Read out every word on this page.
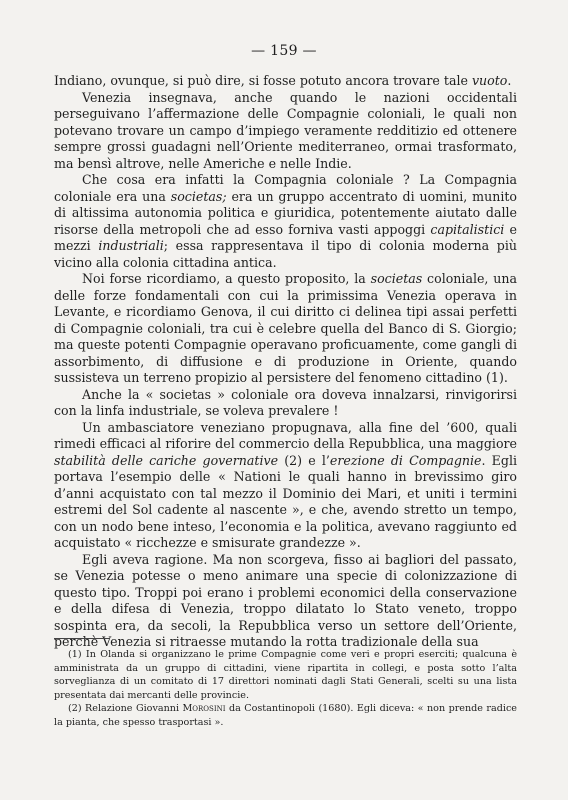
— 159 —

Indiano, ovunque, si può dire, si fosse potuto ancora trovare tale vuoto.

Venezia insegnava, anche quando le nazioni occidentali perseguivano l’affermazione delle Compagnie coloniali, le quali non potevano trovare un campo d’impiego veramente redditizio ed ottenere sempre grossi guadagni nell’Oriente mediterraneo, ormai trasformato, ma bensì altrove, nelle Americhe e nelle Indie.

Che cosa era infatti la Compagnia coloniale ? La Compagnia coloniale era una societas; era un gruppo accentrato di uomini, munito di altissima autonomia politica e giuridica, potentemente aiutato dalle risorse della metropoli che ad esso forniva vasti appoggi capitalistici e mezzi industriali; essa rappresentava il tipo di colonia moderna più vicino alla colonia cittadina antica.

Noi forse ricordiamo, a questo proposito, la societas coloniale, una delle forze fondamentali con cui la primissima Venezia operava in Levante, e ricordiamo Genova, il cui diritto ci delinea tipi assai perfetti di Compagnie coloniali, tra cui è celebre quella del Banco di S. Giorgio; ma queste potenti Compagnie operavano proficuamente, come gangli di assorbimento, di diffusione e di produzione in Oriente, quando sussisteva un terreno propizio al persistere del fenomeno cittadino (1).

Anche la « societas » coloniale ora doveva innalzarsi, rinvigorirsi con la linfa industriale, se voleva prevalere !

Un ambasciatore veneziano propugnava, alla fine del ’600, quali rimedi efficaci al riforire del commercio della Repubblica, una maggiore stabilità delle cariche governative (2) e l’erezione di Compagnie. Egli portava l’esempio delle « Nationi le quali hanno in brevissimo giro d’anni acquistato con tal mezzo il Dominio dei Mari, et uniti i termini estremi del Sol cadente al nascente », e che, avendo stretto un tempo, con un nodo bene inteso, l’economia e la politica, avevano raggiunto ed acquistato « ricchezze e smisurate grandezze ».

Egli aveva ragione. Ma non scorgeva, fisso ai bagliori del passato, se Venezia potesse o meno animare una specie di colonizzazione di questo tipo. Troppi poi erano i problemi economici della conservazione e della difesa di Venezia, troppo dilatato lo Stato veneto, troppo sospinta era, da secoli, la Repubblica verso un settore dell’Oriente, perchè Venezia si ritraesse mutando la rotta tradizionale della sua

(1) In Olanda si organizzano le prime Compagnie come veri e propri eserciti; qualcuna è amministrata da un gruppo di cittadini, viene ripartita in collegi, e posta sotto l’alta sorveglianza di un comitato di 17 direttori nominati dagli Stati Generali, scelti su una lista presentata dai mercanti delle provincie.

(2) Relazione Giovanni Morosini da Costantinopoli (1680). Egli diceva: « non prende radice la pianta, che spesso trasportasi ».
